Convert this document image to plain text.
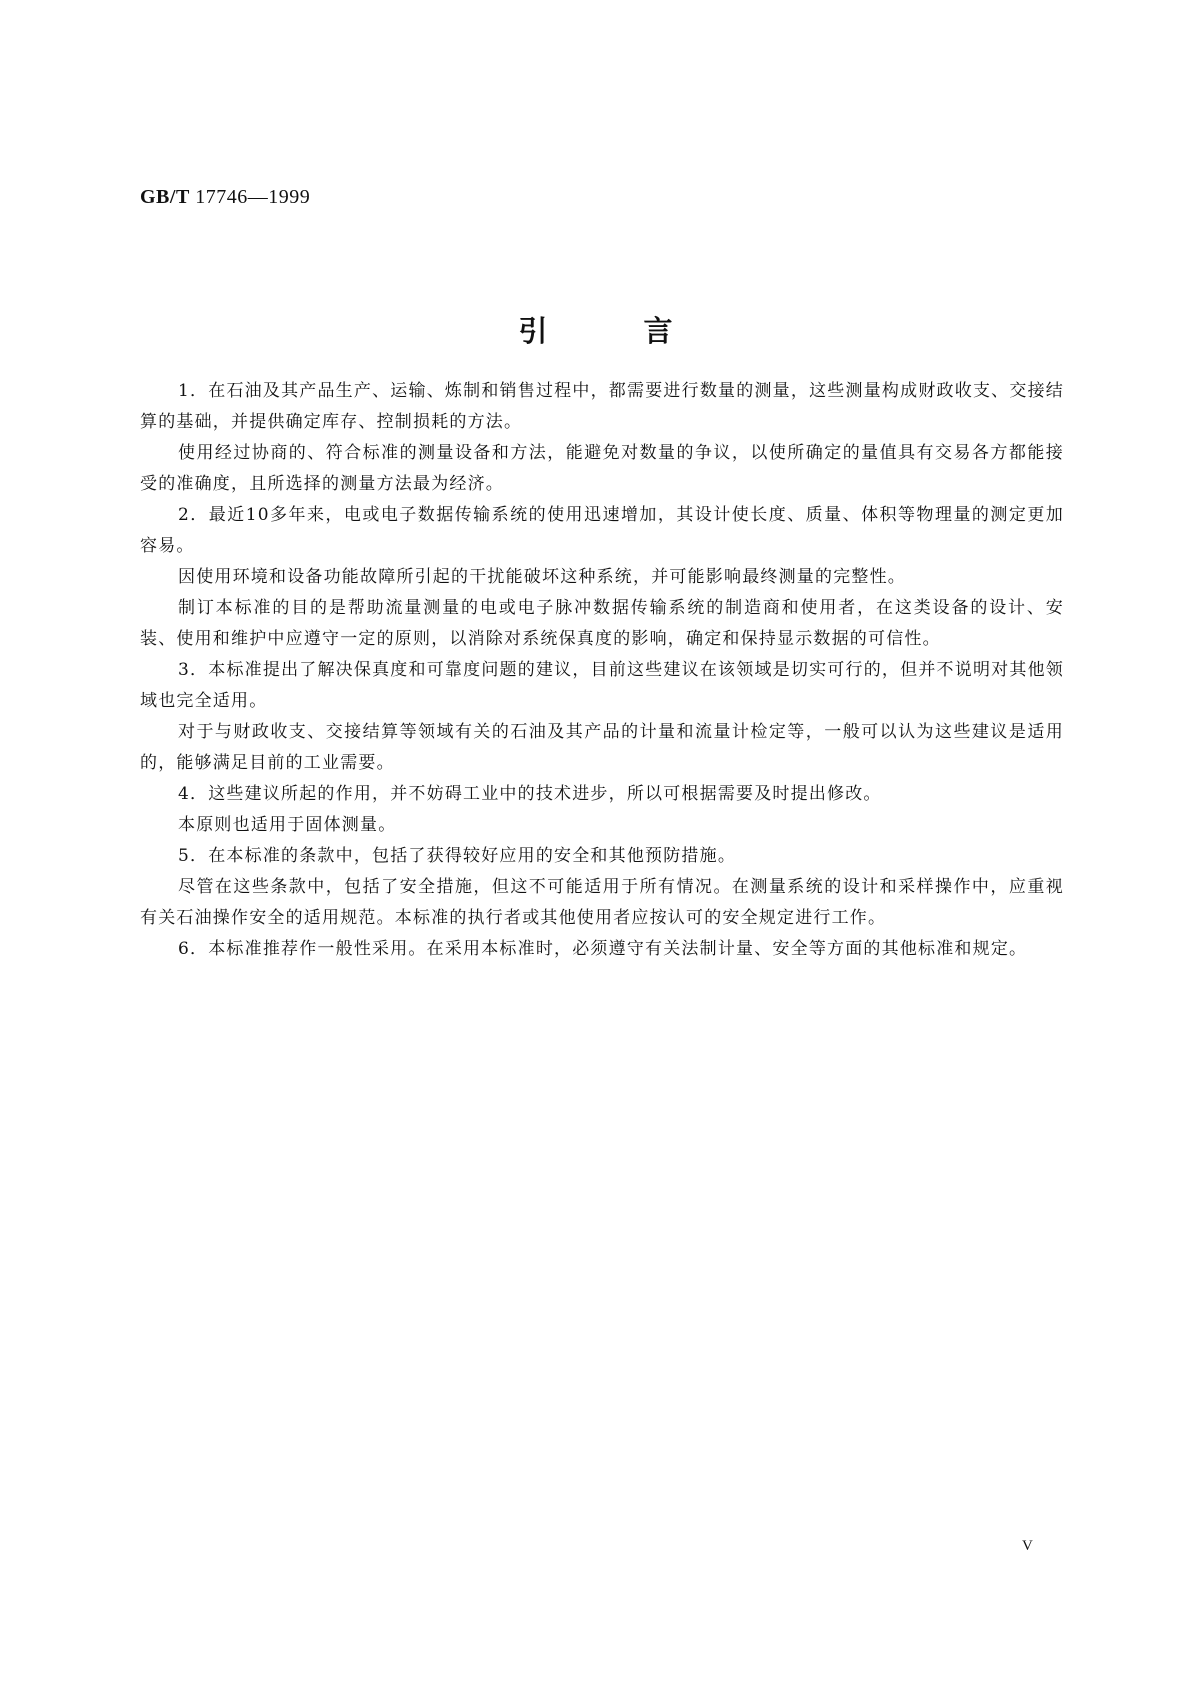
GB/T 17746—1999
引言

1．在石油及其产品生产、运输、炼制和销售过程中，都需要进行数量的测量，这些测量构成财政收支、交接结算的基础，并提供确定库存、控制损耗的方法。

使用经过协商的、符合标准的测量设备和方法，能避免对数量的争议，以使所确定的量值具有交易各方都能接受的准确度，且所选择的测量方法最为经济。

2．最近10多年来，电或电子数据传输系统的使用迅速增加，其设计使长度、质量、体积等物理量的测定更加容易。

因使用环境和设备功能故障所引起的干扰能破坏这种系统，并可能影响最终测量的完整性。

制订本标准的目的是帮助流量测量的电或电子脉冲数据传输系统的制造商和使用者，在这类设备的设计、安装、使用和维护中应遵守一定的原则，以消除对系统保真度的影响，确定和保持显示数据的可信性。

3．本标准提出了解决保真度和可靠度问题的建议，目前这些建议在该领域是切实可行的，但并不说明对其他领域也完全适用。

对于与财政收支、交接结算等领域有关的石油及其产品的计量和流量计检定等，一般可以认为这些建议是适用的，能够满足目前的工业需要。

4．这些建议所起的作用，并不妨碍工业中的技术进步，所以可根据需要及时提出修改。

本原则也适用于固体测量。

5．在本标准的条款中，包括了获得较好应用的安全和其他预防措施。

尽管在这些条款中，包括了安全措施，但这不可能适用于所有情况。在测量系统的设计和采样操作中，应重视有关石油操作安全的适用规范。本标准的执行者或其他使用者应按认可的安全规定进行工作。

6．本标准推荐作一般性采用。在采用本标准时，必须遵守有关法制计量、安全等方面的其他标准和规定。

V
